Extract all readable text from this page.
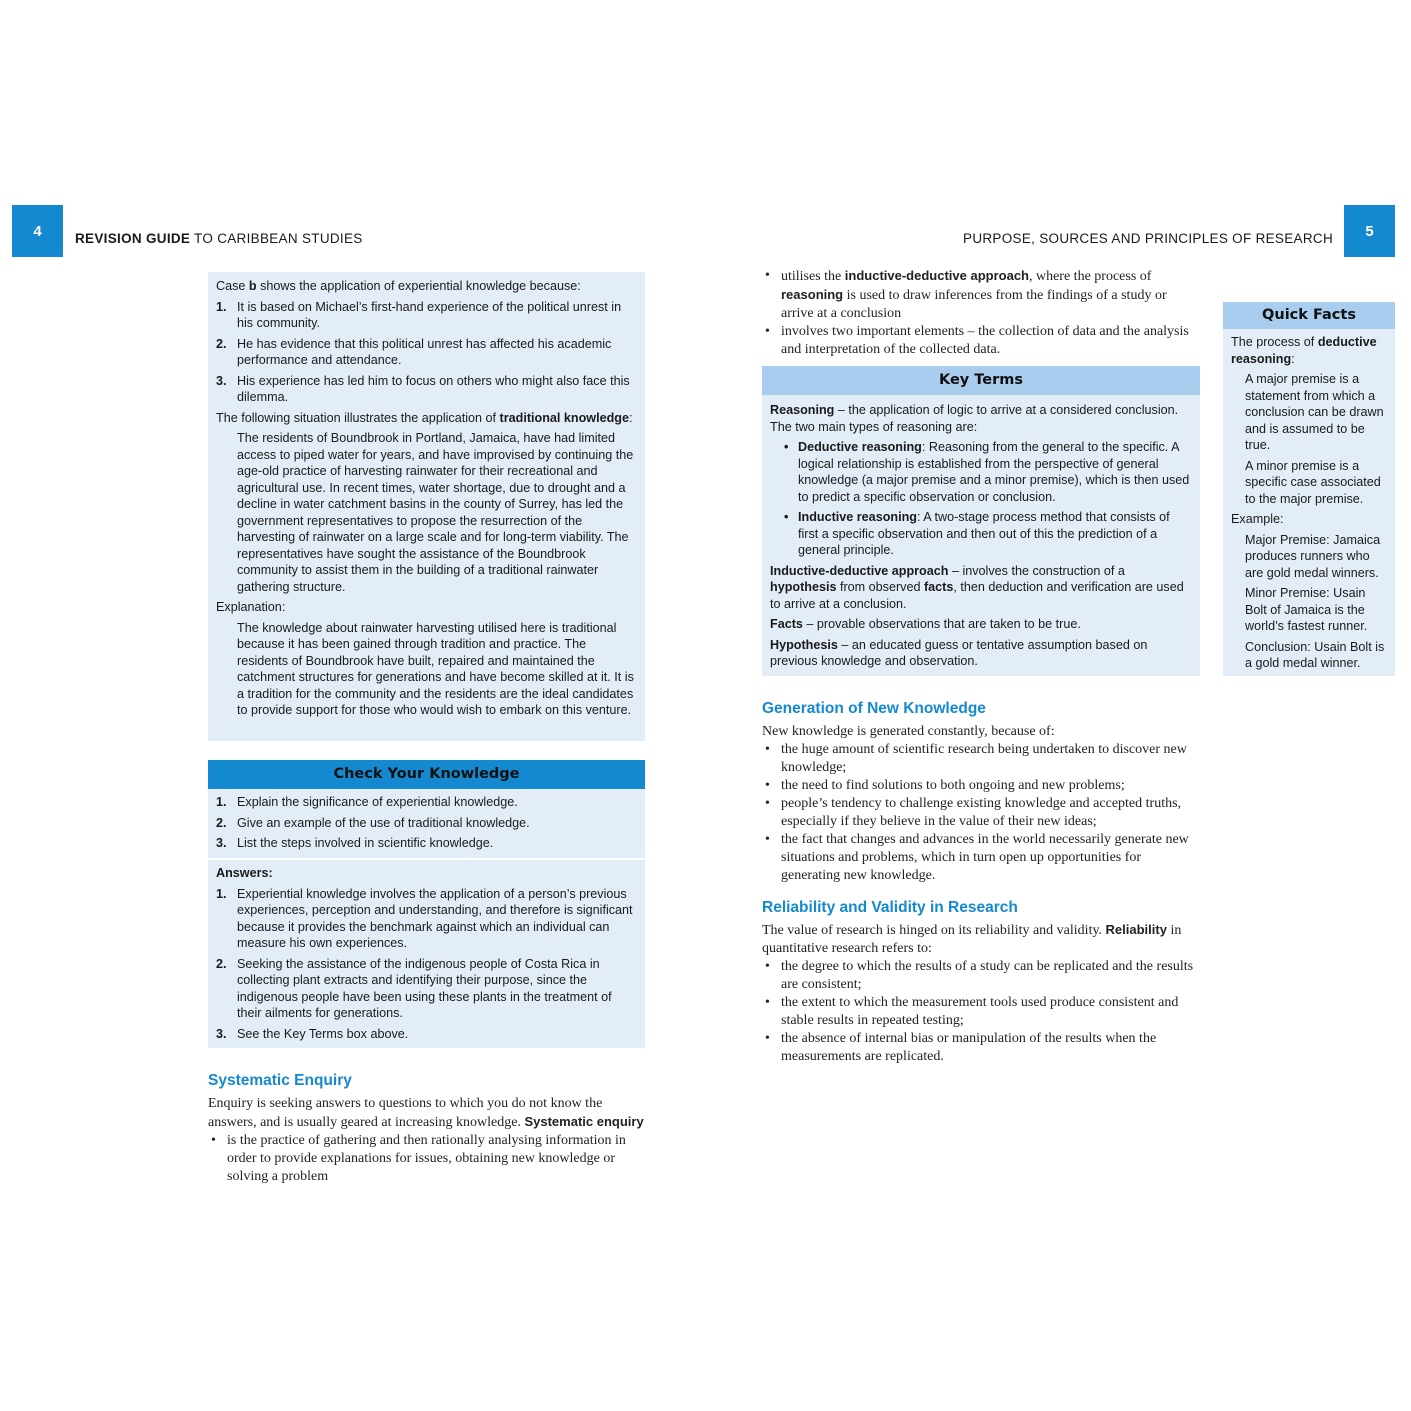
4	REVISION GUIDE TO CARIBBEAN STUDIES	PURPOSE, SOURCES AND PRINCIPLES OF RESEARCH	5

Case b shows the application of experiential knowledge because:

1. It is based on Michael’s first-hand experience of the political unrest in his community.
2. He has evidence that this political unrest has affected his academic performance and attendance.
3. His experience has led him to focus on others who might also face this dilemma.

The following situation illustrates the application of traditional knowledge:

The residents of Boundbrook in Portland, Jamaica, have had limited access to piped water for years, and have improvised by continuing the age-old practice of harvesting rainwater for their recreational and agricultural use. In recent times, water shortage, due to drought and a decline in water catchment basins in the county of Surrey, has led the government representatives to propose the resurrection of the harvesting of rainwater on a large scale and for long-term viability. The representatives have sought the assistance of the Boundbrook community to assist them in the building of a traditional rainwater gathering structure.

Explanation:

The knowledge about rainwater harvesting utilised here is traditional because it has been gained through tradition and practice. The residents of Boundbrook have built, repaired and maintained the catchment structures for generations and have become skilled at it. It is a tradition for the community and the residents are the ideal candidates to provide support for those who would wish to embark on this venture.

Check Your Knowledge
1. Explain the significance of experiential knowledge.
2. Give an example of the use of traditional knowledge.
3. List the steps involved in scientific knowledge.

Answers:

1. Experiential knowledge involves the application of a person’s previous experiences, perception and understanding, and therefore is significant because it provides the benchmark against which an individual can measure his own experiences.
2. Seeking the assistance of the indigenous people of Costa Rica in collecting plant extracts and identifying their purpose, since the indigenous people have been using these plants in the treatment of their ailments for generations.
3. See the Key Terms box above.
Systematic Enquiry

Enquiry is seeking answers to questions to which you do not know the answers, and is usually geared at increasing knowledge. Systematic enquiry

• is the practice of gathering and then rationally analysing information in order to provide explanations for issues, obtaining new knowledge or solving a problem
• utilises the inductive-deductive approach, where the process of reasoning is used to draw inferences from the findings of a study or arrive at a conclusion
• involves two important elements – the collection of data and the analysis and interpretation of the collected data.
Key Terms

Reasoning – the application of logic to arrive at a considered conclusion. The two main types of reasoning are:

• Deductive reasoning: Reasoning from the general to the specific. A logical relationship is established from the perspective of general knowledge (a major premise and a minor premise), which is then used to predict a specific observation or conclusion.
• Inductive reasoning: A two-stage process method that consists of first a specific observation and then out of this the prediction of a general principle.

Inductive-deductive approach – involves the construction of a hypothesis from observed facts, then deduction and verification are used to arrive at a conclusion.

Facts – provable observations that are taken to be true.

Hypothesis – an educated guess or tentative assumption based on previous knowledge and observation.

Generation of New Knowledge

New knowledge is generated constantly, because of:

• the huge amount of scientific research being undertaken to discover new knowledge;
• the need to find solutions to both ongoing and new problems;
• people’s tendency to challenge existing knowledge and accepted truths, especially if they believe in the value of their new ideas;
• the fact that changes and advances in the world necessarily generate new situations and problems, which in turn open up opportunities for generating new knowledge.
Reliability and Validity in Research

The value of research is hinged on its reliability and validity. Reliability in quantitative research refers to:

• the degree to which the results of a study can be replicated and the results are consistent;
• the extent to which the measurement tools used produce consistent and stable results in repeated testing;
• the absence of internal bias or manipulation of the results when the measurements are replicated.
Quick Facts

The process of deductive reasoning:

A major premise is a statement from which a conclusion can be drawn and is assumed to be true.

A minor premise is a specific case associated to the major premise.

Example:

Major Premise: Jamaica produces runners who are gold medal winners.

Minor Premise: Usain Bolt of Jamaica is the world’s fastest runner.

Conclusion: Usain Bolt is a gold medal winner.
